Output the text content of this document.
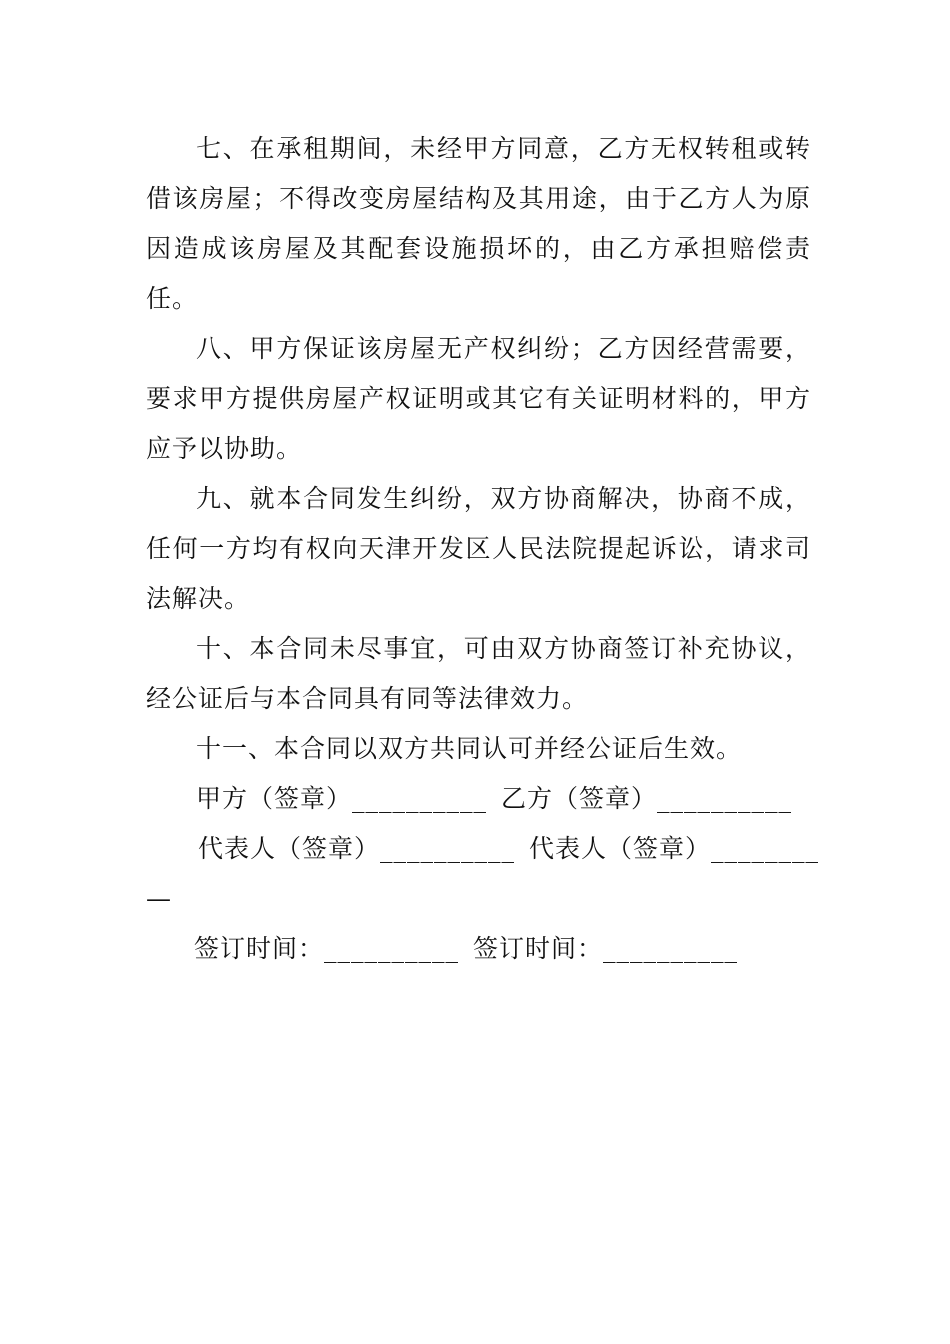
七、在承租期间，未经甲方同意，乙方无权转租或转借该房屋；不得改变房屋结构及其用途，由于乙方人为原因造成该房屋及其配套设施损坏的，由乙方承担赔偿责任。

八、甲方保证该房屋无产权纠纷；乙方因经营需要，要求甲方提供房屋产权证明或其它有关证明材料的，甲方应予以协助。

九、就本合同发生纠纷，双方协商解决，协商不成，任何一方均有权向天津开发区人民法院提起诉讼，请求司法解决。

十、本合同未尽事宜，可由双方协商签订补充协议，经公证后与本合同具有同等法律效力。

十一、本合同以双方共同认可并经公证后生效。

甲方（签章）__________ 乙方（签章）__________

代表人（签章）__________ 代表人（签章）________

—

签订时间：__________ 签订时间：__________
